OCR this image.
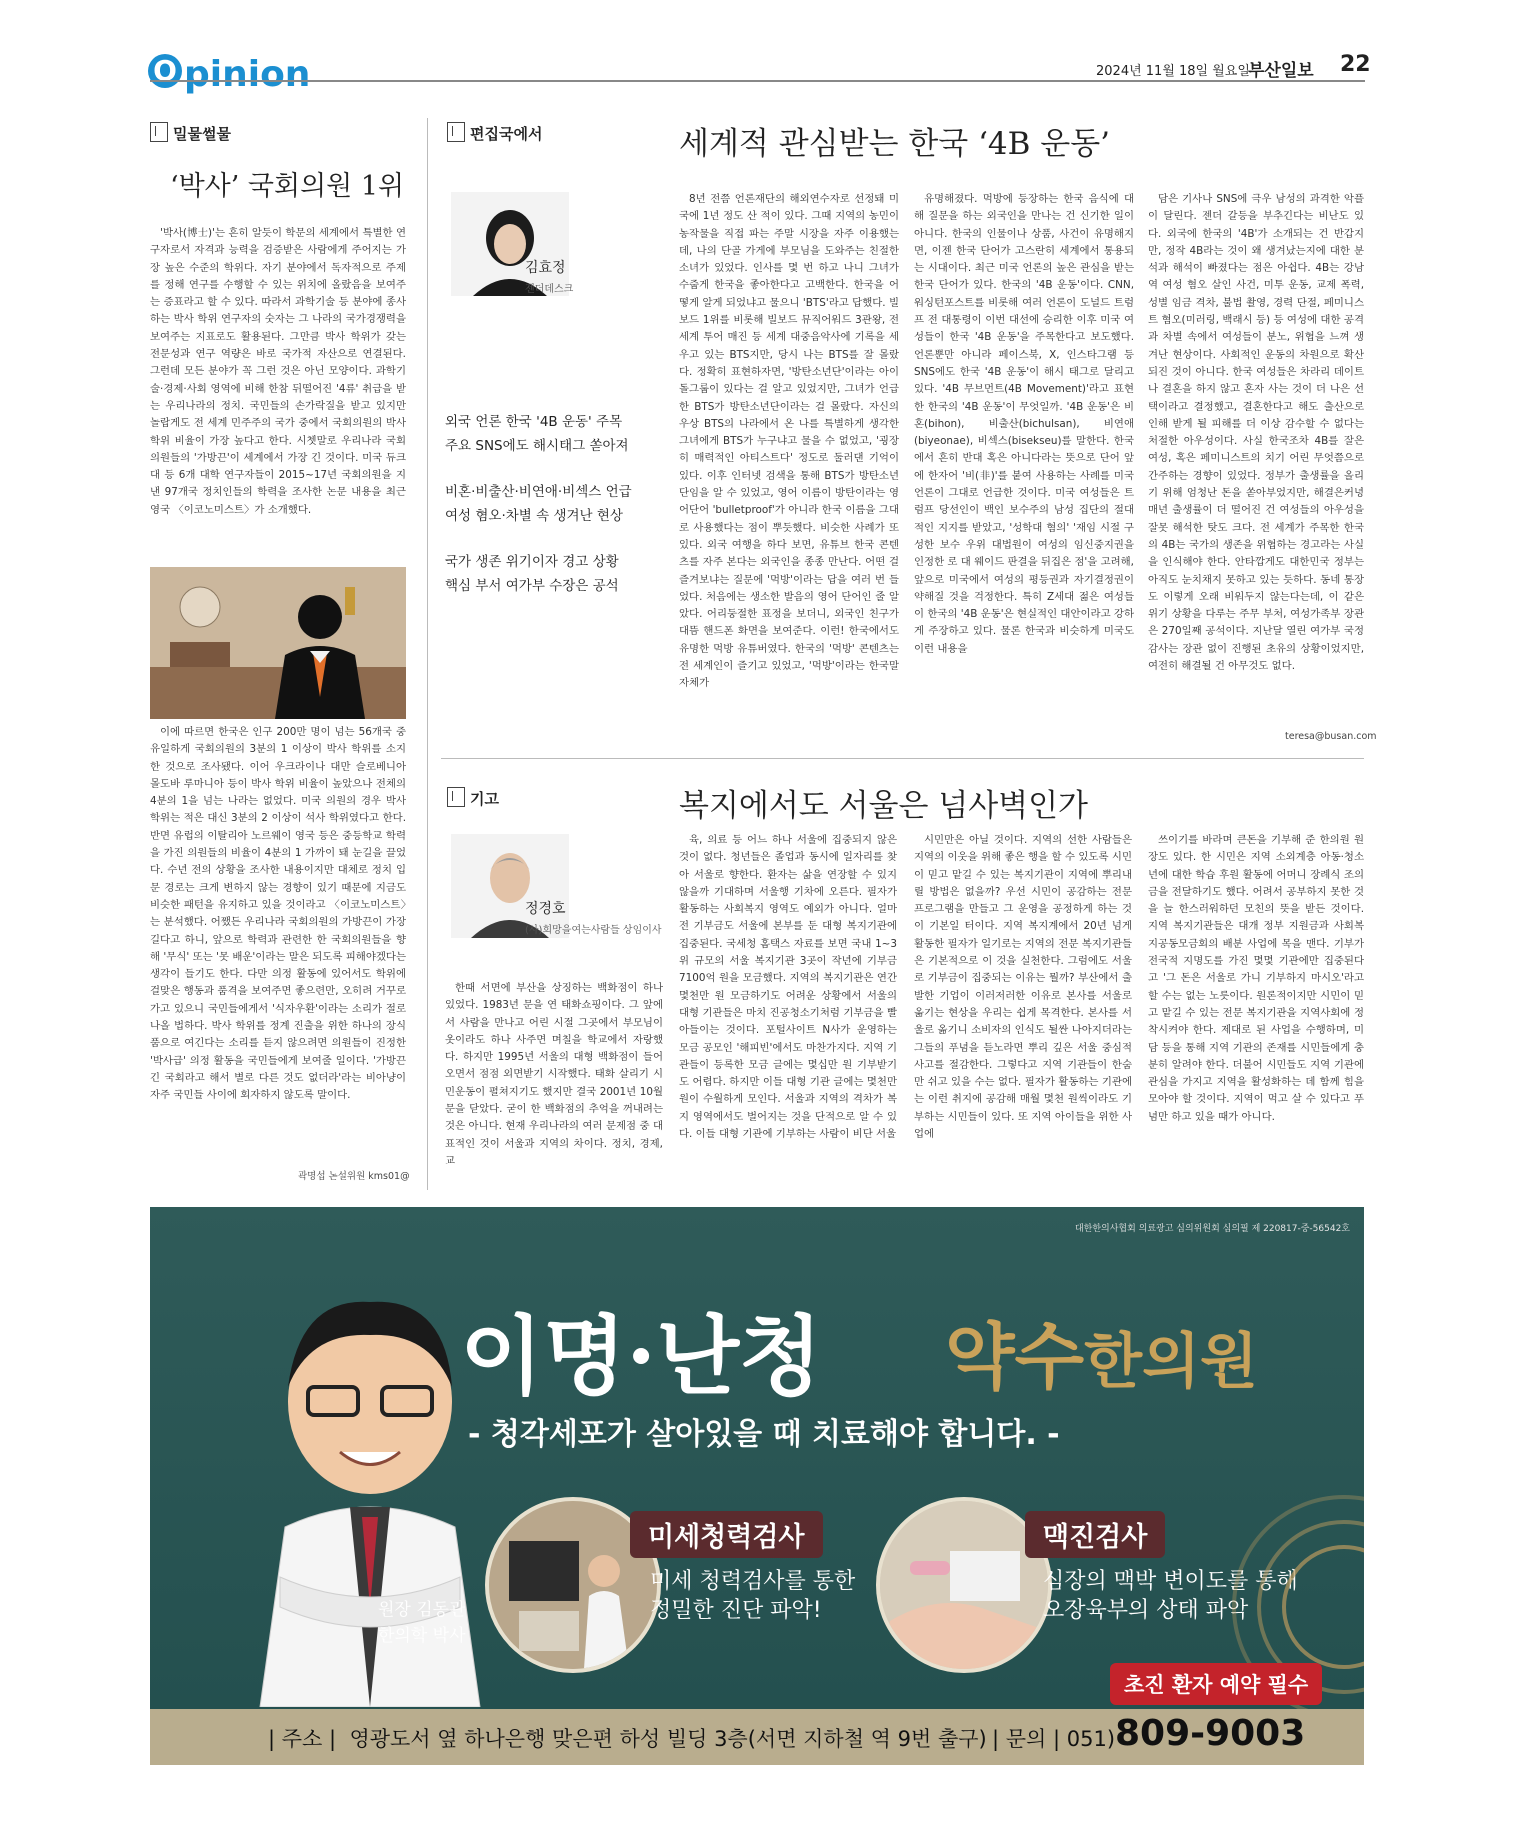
O pinion	2024년 11월 18일 월요일
부산일보 22
밀물썰물
‘박사’ 국회의원 1위

'박사(博士)'는 흔히 알듯이 학문의 세계에서 특별한 연구자로서 자격과 능력을 검증받은 사람에게 주어지는 가장 높은 수준의 학위다. 자기 분야에서 독자적으로 주제를 정해 연구를 수행할 수 있는 위치에 올랐음을 보여주는 증표라고 할 수 있다. 따라서 과학기술 등 분야에 종사하는 박사 학위 연구자의 숫자는 그 나라의 국가경쟁력을 보여주는 지표로도 활용된다. 그만큼 박사 학위가 갖는 전문성과 연구 역량은 바로 국가적 자산으로 연결된다. 그런데 모든 분야가 꼭 그런 것은 아닌 모양이다. 과학기술·경제·사회 영역에 비해 한참 뒤떨어진 '4류' 취급을 받는 우리나라의 정치. 국민들의 손가락질을 받고 있지만 놀랍게도 전 세계 민주주의 국가 중에서 국회의원의 박사 학위 비율이 가장 높다고 한다. 시쳇말로 우리나라 국회의원들의 '가방끈'이 세계에서 가장 긴 것이다. 미국 듀크대 등 6개 대학 연구자들이 2015~17년 국회의원을 지낸 97개국 정치인들의 학력을 조사한 논문 내용을 최근 영국 〈이코노미스트〉가 소개했다.

이에 따르면 한국은 인구 200만 명이 넘는 56개국 중 유일하게 국회의원의 3분의 1 이상이 박사 학위를 소지한 것으로 조사됐다. 이어 우크라이나 대만 슬로베니아 몰도바 루마니아 등이 박사 학위 비율이 높았으나 전체의 4분의 1을 넘는 나라는 없었다. 미국 의원의 경우 박사 학위는 적은 대신 3분의 2 이상이 석사 학위였다고 한다. 반면 유럽의 이탈리아 노르웨이 영국 등은 중등학교 학력을 가진 의원들의 비율이 4분의 1 가까이 돼 눈길을 끌었다. 수년 전의 상황을 조사한 내용이지만 대체로 정치 입문 경로는 크게 변하지 않는 경향이 있기 때문에 지금도 비슷한 패턴을 유지하고 있을 것이라고 〈이코노미스트〉는 분석했다. 어쨌든 우리나라 국회의원의 가방끈이 가장 길다고 하니, 앞으로 학력과 관련한 한 국회의원들을 향해 '무식' 또는 '못 배운'이라는 말은 되도록 피해야겠다는 생각이 들기도 한다. 다만 의정 활동에 있어서도 학위에 걸맞은 행동과 품격을 보여주면 좋으련만, 오히려 거꾸로 가고 있으니 국민들에게서 '식자우환'이라는 소리가 절로 나올 법하다. 박사 학위를 정계 진출을 위한 하나의 장식품으로 여긴다는 소리를 듣지 않으려면 의원들이 진정한 '박사급' 의정 활동을 국민들에게 보여줄 일이다. '가방끈 긴 국회라고 해서 별로 다른 것도 없더라'라는 비아냥이 자주 국민들 사이에 회자하지 않도록 말이다.

곽명섭 논설위원 kms01@
편집국에서	세계적 관심받는 한국 ‘4B 운동’
김효정
젠더데스크
외국 언론 한국 '4B 운동' 주목
주요 SNS에도 해시태그 쏟아져
비혼·비출산·비연애·비섹스 언급
여성 혐오·차별 속 생겨난 현상
국가 생존 위기이자 경고 상황
핵심 부서 여가부 수장은 공석

8년 전쯤 언론재단의 해외연수자로 선정돼 미국에 1년 정도 산 적이 있다. 그때 지역의 농민이 농작물을 직접 파는 주말 시장을 자주 이용했는데, 나의 단골 가게에 부모님을 도와주는 친절한 소녀가 있었다. 인사를 몇 번 하고 나니 그녀가 수줍게 한국을 좋아한다고 고백한다. 한국을 어떻게 알게 되었냐고 물으니 'BTS'라고 답했다. 빌보드 1위를 비롯해 빌보드 뮤직어워드 3관왕, 전 세계 투어 매진 등 세계 대중음악사에 기록을 세우고 있는 BTS지만, 당시 나는 BTS를 잘 몰랐다. 정확히 표현하자면, '방탄소년단'이라는 아이돌그룹이 있다는 걸 알고 있었지만, 그녀가 언급한 BTS가 방탄소년단이라는 걸 몰랐다. 자신의 우상 BTS의 나라에서 온 나를 특별하게 생각한 그녀에게 BTS가 누구냐고 물을 수 없었고, '굉장히 매력적인 아티스트다' 정도로 둘러댄 기억이 있다. 이후 인터넷 검색을 통해 BTS가 방탄소년단임을 알 수 있었고, 영어 이름이 방탄이라는 영어단어 'bulletproof'가 아니라 한국 이름을 그대로 사용했다는 점이 뿌듯했다. 비슷한 사례가 또 있다. 외국 여행을 하다 보면, 유튜브 한국 콘텐츠를 자주 본다는 외국인을 종종 만난다. 어떤 걸 즐겨보냐는 질문에 '먹방'이라는 답을 여러 번 들었다. 처음에는 생소한 발음의 영어 단어인 줄 알았다. 어리둥절한 표정을 보더니, 외국인 친구가 대뜸 핸드폰 화면을 보여준다. 이런! 한국에서도 유명한 먹방 유튜버였다. 한국의 '먹방' 콘텐츠는 전 세계인이 즐기고 있었고, '먹방'이라는 한국말 자체가

유명해졌다. 먹방에 등장하는 한국 음식에 대해 질문을 하는 외국인을 만나는 건 신기한 일이 아니다. 한국의 인물이나 상품, 사건이 유명해지면, 이젠 한국 단어가 고스란히 세계에서 통용되는 시대이다. 최근 미국 언론의 높은 관심을 받는 한국 단어가 있다. 한국의 '4B 운동'이다. CNN, 워싱턴포스트를 비롯해 여러 언론이 도널드 트럼프 전 대통령이 이번 대선에 승리한 이후 미국 여성들이 한국 '4B 운동'을 주목한다고 보도했다. 언론뿐만 아니라 페이스북, X, 인스타그램 등 SNS에도 한국 '4B 운동'이 해시 태그로 달리고 있다. '4B 무브먼트(4B Movement)'라고 표현한 한국의 '4B 운동'이 무엇일까. '4B 운동'은 비혼(bihon), 비출산(bichulsan), 비연애(biyeonae), 비섹스(bisekseu)를 말한다. 한국에서 흔히 반대 혹은 아니다라는 뜻으로 단어 앞에 한자어 '비(非)'를 붙여 사용하는 사례를 미국 언론이 그대로 언급한 것이다. 미국 여성들은 트럼프 당선인이 백인 보수주의 남성 집단의 절대적인 지지를 받았고, '성학대 혐의' '재임 시절 구성한 보수 우위 대법원이 여성의 임신중지권을 인정한 로 대 웨이드 판결을 뒤집은 점'을 고려해, 앞으로 미국에서 여성의 평등권과 자기결정권이 약해질 것을 걱정한다. 특히 Z세대 젊은 여성들이 한국의 '4B 운동'은 현실적인 대안이라고 강하게 주장하고 있다. 물론 한국과 비슷하게 미국도 이런 내용을

담은 기사나 SNS에 극우 남성의 과격한 악플이 달린다. 젠더 갈등을 부추긴다는 비난도 있다. 외국에 한국의 '4B'가 소개되는 건 반갑지만, 정작 4B라는 것이 왜 생겨났는지에 대한 분석과 해석이 빠졌다는 점은 아쉽다. 4B는 강남역 여성 혐오 살인 사건, 미투 운동, 교제 폭력, 성별 임금 격차, 불법 촬영, 경력 단절, 페미니스트 혐오(미러링, 백래시 등) 등 여성에 대한 공격과 차별 속에서 여성들이 분노, 위협을 느껴 생겨난 현상이다. 사회적인 운동의 차원으로 확산되진 것이 아니다. 한국 여성들은 차라리 데이트나 결혼을 하지 않고 혼자 사는 것이 더 나은 선택이라고 결정했고, 결혼한다고 해도 출산으로 인해 받게 될 피해를 더 이상 감수할 수 없다는 처절한 아우성이다. 사실 한국조차 4B를 잘은 여성, 혹은 페미니스트의 치기 어린 무엇쯤으로 간주하는 경향이 있었다. 정부가 출생률을 올리기 위해 엄청난 돈을 쏟아부었지만, 해결은커녕 매년 출생률이 더 떨어진 건 여성들의 아우성을 잘못 해석한 탓도 크다. 전 세계가 주목한 한국의 4B는 국가의 생존을 위협하는 경고라는 사실을 인식해야 한다. 안타깝게도 대한민국 정부는 아직도 눈치채지 못하고 있는 듯하다. 동네 통장도 이렇게 오래 비워두지 않는다는데, 이 같은 위기 상황을 다루는 주무 부처, 여성가족부 장관은 270일째 공석이다. 지난달 열린 여가부 국정 감사는 장관 없이 진행된 초유의 상황이었지만, 여전히 해결될 건 아무것도 없다.

teresa@busan.com
기고	복지에서도 서울은 넘사벽인가
정경호
(사)희망을여는사람들 상임이사

한때 서면에 부산을 상징하는 백화점이 하나 있었다. 1983년 문을 연 태화쇼핑이다. 그 앞에서 사람을 만나고 어린 시절 그곳에서 부모님이 옷이라도 하나 사주면 며칠을 학교에서 자랑했다. 하지만 1995년 서울의 대형 백화점이 들어오면서 점점 외면받기 시작했다. 태화 살리기 시민운동이 펼쳐지기도 했지만 결국 2001년 10월 문을 닫았다. 굳이 한 백화점의 추억을 꺼내려는 것은 아니다. 현재 우리나라의 여러 문제점 중 대표적인 것이 서울과 지역의 차이다. 정치, 경제, 교

육, 의료 등 어느 하나 서울에 집중되지 않은 것이 없다. 청년들은 졸업과 동시에 일자리를 찾아 서울로 향한다. 환자는 삶을 연장할 수 있지 않을까 기대하며 서울행 기차에 오른다. 필자가 활동하는 사회복지 영역도 예외가 아니다. 얼마전 기부금도 서울에 본부를 둔 대형 복지기관에 집중된다. 국세청 홈택스 자료를 보면 국내 1~3위 규모의 서울 복지기관 3곳이 작년에 기부금 7100억 원을 모금했다. 지역의 복지기관은 연간 몇천만 원 모금하기도 어려운 상황에서 서울의 대형 기관들은 마치 진공청소기처럼 기부금을 빨아들이는 것이다. 포털사이트 N사가 운영하는 모금 공모인 '해피빈'에서도 마찬가지다. 지역 기관들이 등록한 모금 글에는 몇십만 원 기부받기도 어렵다. 하지만 이들 대형 기관 글에는 몇천만 원이 수월하게 모인다. 서울과 지역의 격차가 복지 영역에서도 벌어지는 것을 단적으로 알 수 있다. 이들 대형 기관에 기부하는 사람이 비단 서울

시민만은 아닐 것이다. 지역의 선한 사람들은 지역의 이웃을 위해 좋은 행을 할 수 있도록 시민이 믿고 맡길 수 있는 복지기관이 지역에 뿌리내릴 방법은 없을까? 우선 시민이 공감하는 전문 프로그램을 만들고 그 운영을 공정하게 하는 것이 기본일 터이다. 지역 복지계에서 20년 넘게 활동한 필자가 일기로는 지역의 전문 복지기관들은 기본적으로 이 것을 실천한다. 그럼에도 서울로 기부금이 집중되는 이유는 뭘까? 부산에서 출발한 기업이 이러저러한 이유로 본사를 서울로 옮기는 현상을 우리는 쉽게 목격한다. 본사를 서울로 옮기니 소비자의 인식도 될싼 나아지더라는 그들의 푸념을 듣노라면 뿌리 깊은 서울 중심적 사고를 절감한다. 그렇다고 지역 기관들이 한숨만 쉬고 있을 수는 없다. 필자가 활동하는 기관에는 이런 취지에 공감해 매월 몇천 원씩이라도 기부하는 시민들이 있다. 또 지역 아이들을 위한 사업에

쓰이기를 바라며 큰돈을 기부해 준 한의원 원장도 있다. 한 시민은 지역 소외계층 아동·청소년에 대한 학습 후원 활동에 어머니 장례식 조의금을 전달하기도 했다. 어려서 공부하지 못한 것을 늘 한스러워하던 모친의 뜻을 받든 것이다. 지역 복지기관들은 대개 정부 지원금과 사회복지공동모금회의 배분 사업에 목을 맨다. 기부가 전국적 지명도를 가진 몇몇 기관에만 집중된다고 '그 돈은 서울로 가니 기부하지 마시오'라고 할 수는 없는 노릇이다. 원론적이지만 시민이 믿고 맡길 수 있는 전문 복지기관을 지역사회에 정착시켜야 한다. 제대로 된 사업을 수행하며, 미담 등을 통해 지역 기관의 존재를 시민들에게 충분히 알려야 한다. 더불어 시민들도 지역 기관에 관심을 가지고 지역을 활성화하는 데 함께 힘을 모아야 할 것이다. 지역이 먹고 살 수 있다고 푸념만 하고 있을 때가 아니다.

대한한의사협회 의료광고 심의위원회 심의필 제 220817-중-56542호
원장 김동관
한의학 박사
이명·난청 약수한의원
- 청각세포가 살아있을 때 치료해야 합니다. -
미세청력검사
미세 청력검사를 통한
정밀한 진단 파악!
맥진검사
심장의 맥박 변이도를 통해
오장육부의 상태 파악
초진 환자 예약 필수
| 주소 | 영광도서 옆 하나은행 맞은편 하성 빌딩 3층(서면 지하철 역 9번 출구) | 문의 | 051) 809-9003
